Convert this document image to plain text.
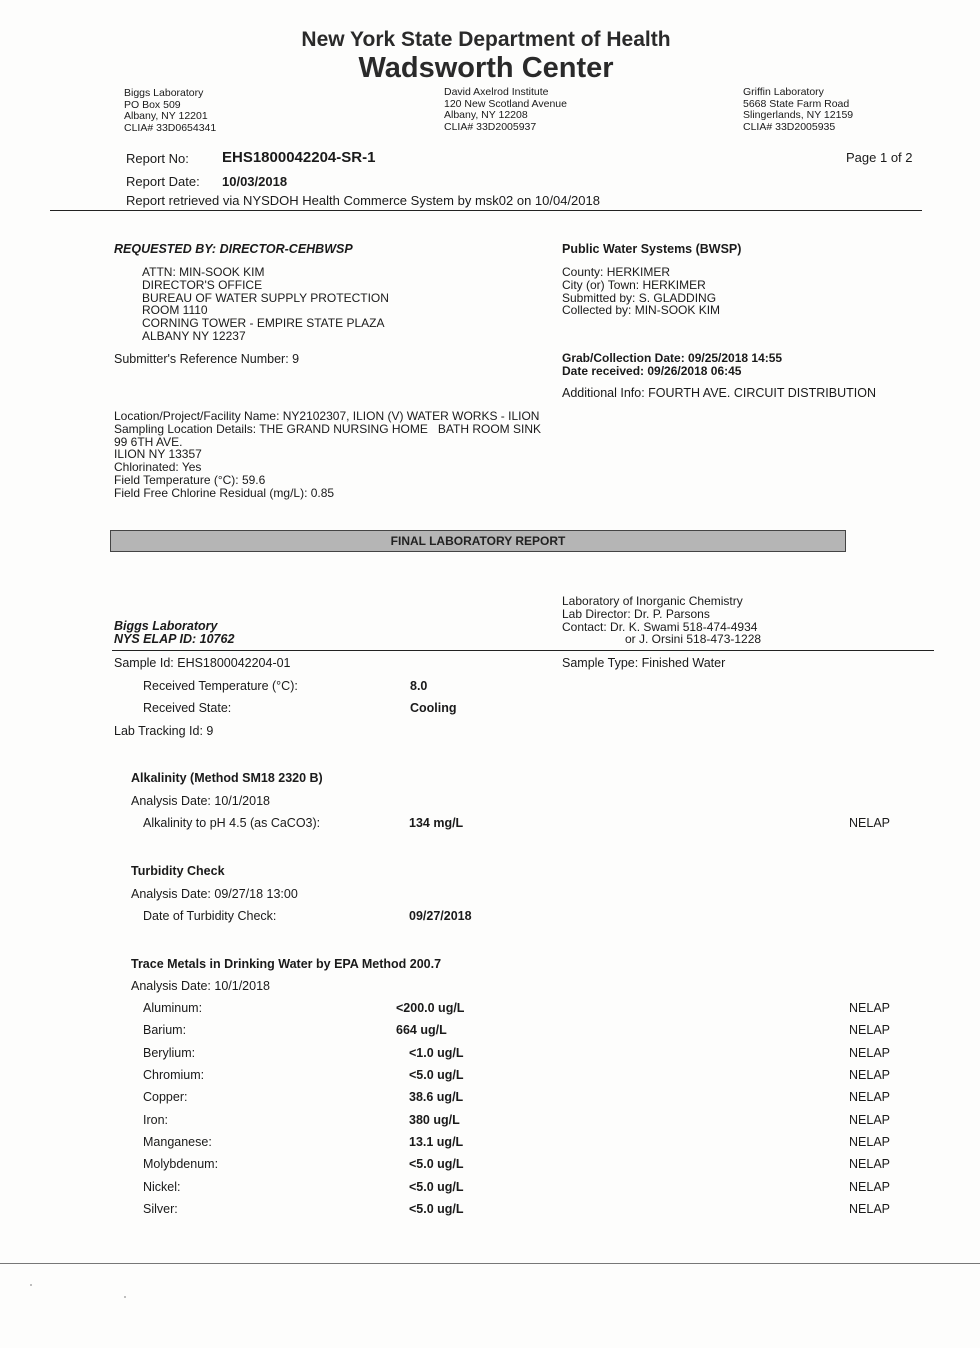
New York State Department of Health
Wadsworth Center
Biggs Laboratory
PO Box 509
Albany, NY 12201
CLIA# 33D0654341
David Axelrod Institute
120 New Scotland Avenue
Albany, NY 12208
CLIA# 33D2005937
Griffin Laboratory
5668 State Farm Road
Slingerlands, NY 12159
CLIA# 33D2005935
Report No: EHS1800042204-SR-1	Page 1 of 2
Report Date: 10/03/2018
Report retrieved via NYSDOH Health Commerce System by msk02 on 10/04/2018
REQUESTED BY: DIRECTOR-CEHBWSP
ATTN: MIN-SOOK KIM
DIRECTOR'S OFFICE
BUREAU OF WATER SUPPLY PROTECTION
ROOM 1110
CORNING TOWER - EMPIRE STATE PLAZA
ALBANY NY 12237
Submitter's Reference Number: 9
Public Water Systems (BWSP)
County: HERKIMER
City (or) Town: HERKIMER
Submitted by: S. GLADDING
Collected by: MIN-SOOK KIM
Grab/Collection Date: 09/25/2018 14:55
Date received: 09/26/2018 06:45
Additional Info: FOURTH AVE. CIRCUIT DISTRIBUTION
Location/Project/Facility Name: NY2102307, ILION (V) WATER WORKS - ILION
Sampling Location Details: THE GRAND NURSING HOME   BATH ROOM SINK
99 6TH AVE.
ILION NY 13357
Chlorinated: Yes
Field Temperature (°C): 59.6
Field Free Chlorine Residual (mg/L): 0.85
FINAL LABORATORY REPORT
Biggs Laboratory
NYS ELAP ID: 10762
Laboratory of Inorganic Chemistry
Lab Director: Dr. P. Parsons
Contact: Dr. K. Swami 518-474-4934
or J. Orsini 518-473-1228
Sample Id: EHS1800042204-01	Sample Type: Finished Water
Received Temperature (°C):	8.0
Received State:	Cooling
Lab Tracking Id: 9
Alkalinity (Method SM18 2320 B)
Analysis Date: 10/1/2018
Alkalinity to pH 4.5 (as CaCO3):	134 mg/L	NELAP
Turbidity Check
Analysis Date: 09/27/18 13:00
Date of Turbidity Check:	09/27/2018
Trace Metals in Drinking Water by EPA Method 200.7
Analysis Date: 10/1/2018
Aluminum:	<200.0 ug/L	NELAP
Barium:	664 ug/L	NELAP
Berylium:	<1.0 ug/L	NELAP
Chromium:	<5.0 ug/L	NELAP
Copper:	38.6 ug/L	NELAP
Iron:	380 ug/L	NELAP
Manganese:	13.1 ug/L	NELAP
Molybdenum:	<5.0 ug/L	NELAP
Nickel:	<5.0 ug/L	NELAP
Silver:	<5.0 ug/L	NELAP
